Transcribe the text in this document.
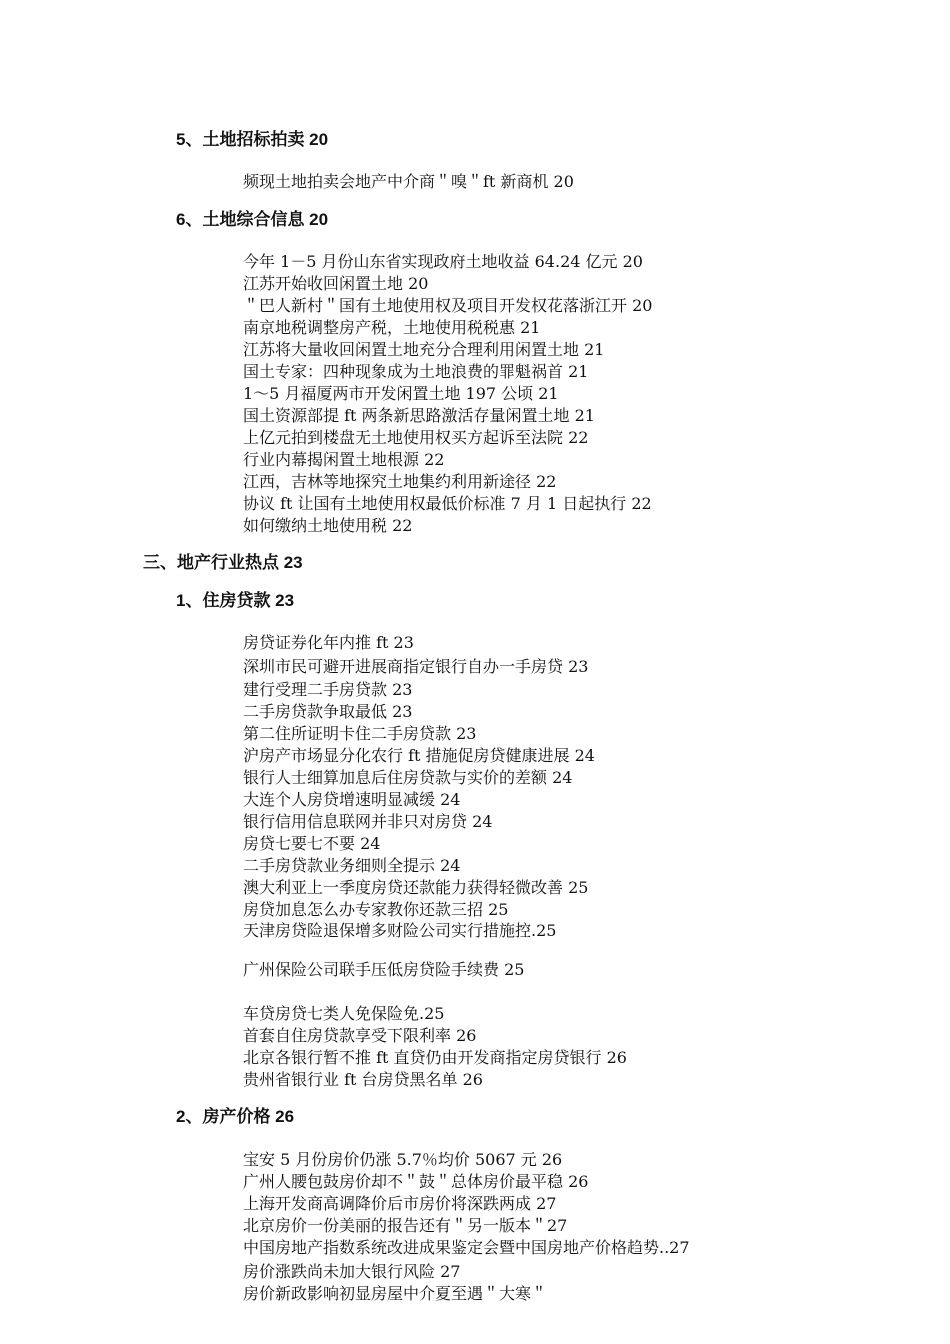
5、土地招标拍卖 20
频现土地拍卖会地产中介商＂嗅＂ft 新商机 20
6、土地综合信息 20
今年 1－5 月份山东省实现政府土地收益 64.24 亿元 20
江苏开始收回闲置土地 20
＂巴人新村＂国有土地使用权及项目开发权花落浙江开 20
南京地税调整房产税，土地使用税税惠 21
江苏将大量收回闲置土地充分合理利用闲置土地 21
国土专家：四种现象成为土地浪费的罪魁祸首 21
1～5 月福厦两市开发闲置土地 197 公顷 21
国土资源部提 ft 两条新思路激活存量闲置土地 21
上亿元拍到楼盘无土地使用权买方起诉至法院 22
行业内幕揭闲置土地根源 22
江西，吉林等地探究土地集约利用新途径 22
协议 ft 让国有土地使用权最低价标准 7 月 1 日起执行 22
如何缴纳土地使用税 22
三、地产行业热点 23
1、住房贷款 23
房贷证券化年内推 ft 23
深圳市民可避开进展商指定银行自办一手房贷 23
建行受理二手房贷款 23
二手房贷款争取最低 23
第二住所证明卡住二手房贷款 23
沪房产市场显分化农行 ft 措施促房贷健康进展 24
银行人士细算加息后住房贷款与实价的差额 24
大连个人房贷增速明显减缓 24
银行信用信息联网并非只对房贷 24
房贷七要七不要 24
二手房贷款业务细则全提示 24
澳大利亚上一季度房贷还款能力获得轻微改善 25
房贷加息怎么办专家教你还款三招 25
天津房贷险退保增多财险公司实行措施控.25
广州保险公司联手压低房贷险手续费 25
车贷房贷七类人免保险免.25
首套自住房贷款享受下限利率 26
北京各银行暂不推 ft 直贷仍由开发商指定房贷银行 26
贵州省银行业 ft 台房贷黑名单 26
2、房产价格 26
宝安 5 月份房价仍涨 5.7％均价 5067 元 26
广州人腰包鼓房价却不＂鼓＂总体房价最平稳 26
上海开发商高调降价后市房价将深跌两成 27
北京房价一份美丽的报告还有＂另一版本＂27
中国房地产指数系统改进成果鉴定会暨中国房地产价格趋势..27
房价涨跌尚未加大银行风险 27
房价新政影响初显房屋中介夏至遇＂大寒＂
